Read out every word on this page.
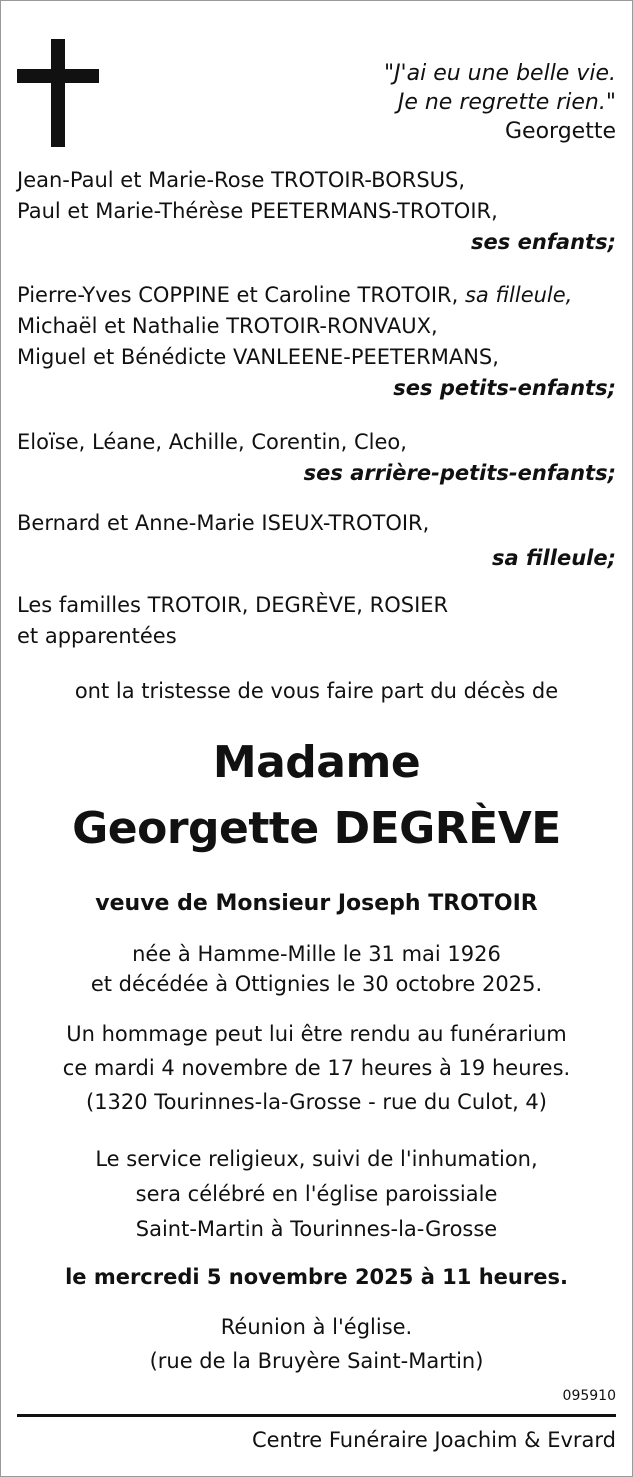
"J'ai eu une belle vie.
Je ne regrette rien."
Georgette
Jean-Paul et Marie-Rose TROTOIR-BORSUS,
Paul et Marie-Thérèse PEETERMANS-TROTOIR,
ses enfants;
Pierre-Yves COPPINE et Caroline TROTOIR, sa filleule,
Michaël et Nathalie TROTOIR-RONVAUX,
Miguel et Bénédicte VANLEENE-PEETERMANS,
ses petits-enfants;
Eloïse, Léane, Achille, Corentin, Cleo,
ses arrière-petits-enfants;
Bernard et Anne-Marie ISEUX-TROTOIR,
sa filleule;
Les familles TROTOIR, DEGRÈVE, ROSIER
et apparentées
ont la tristesse de vous faire part du décès de
Madame
Georgette DEGRÈVE
veuve de Monsieur Joseph TROTOIR
née à Hamme-Mille le 31 mai 1926
et décédée à Ottignies le 30 octobre 2025.
Un hommage peut lui être rendu au funérarium
ce mardi 4 novembre de 17 heures à 19 heures.
(1320 Tourinnes-la-Grosse - rue du Culot, 4)
Le service religieux, suivi de l'inhumation,
sera célébré en l'église paroissiale
Saint-Martin à Tourinnes-la-Grosse
le mercredi 5 novembre 2025 à 11 heures.
Réunion à l'église.
(rue de la Bruyère Saint-Martin)
095910
Centre Funéraire Joachim & Evrard
